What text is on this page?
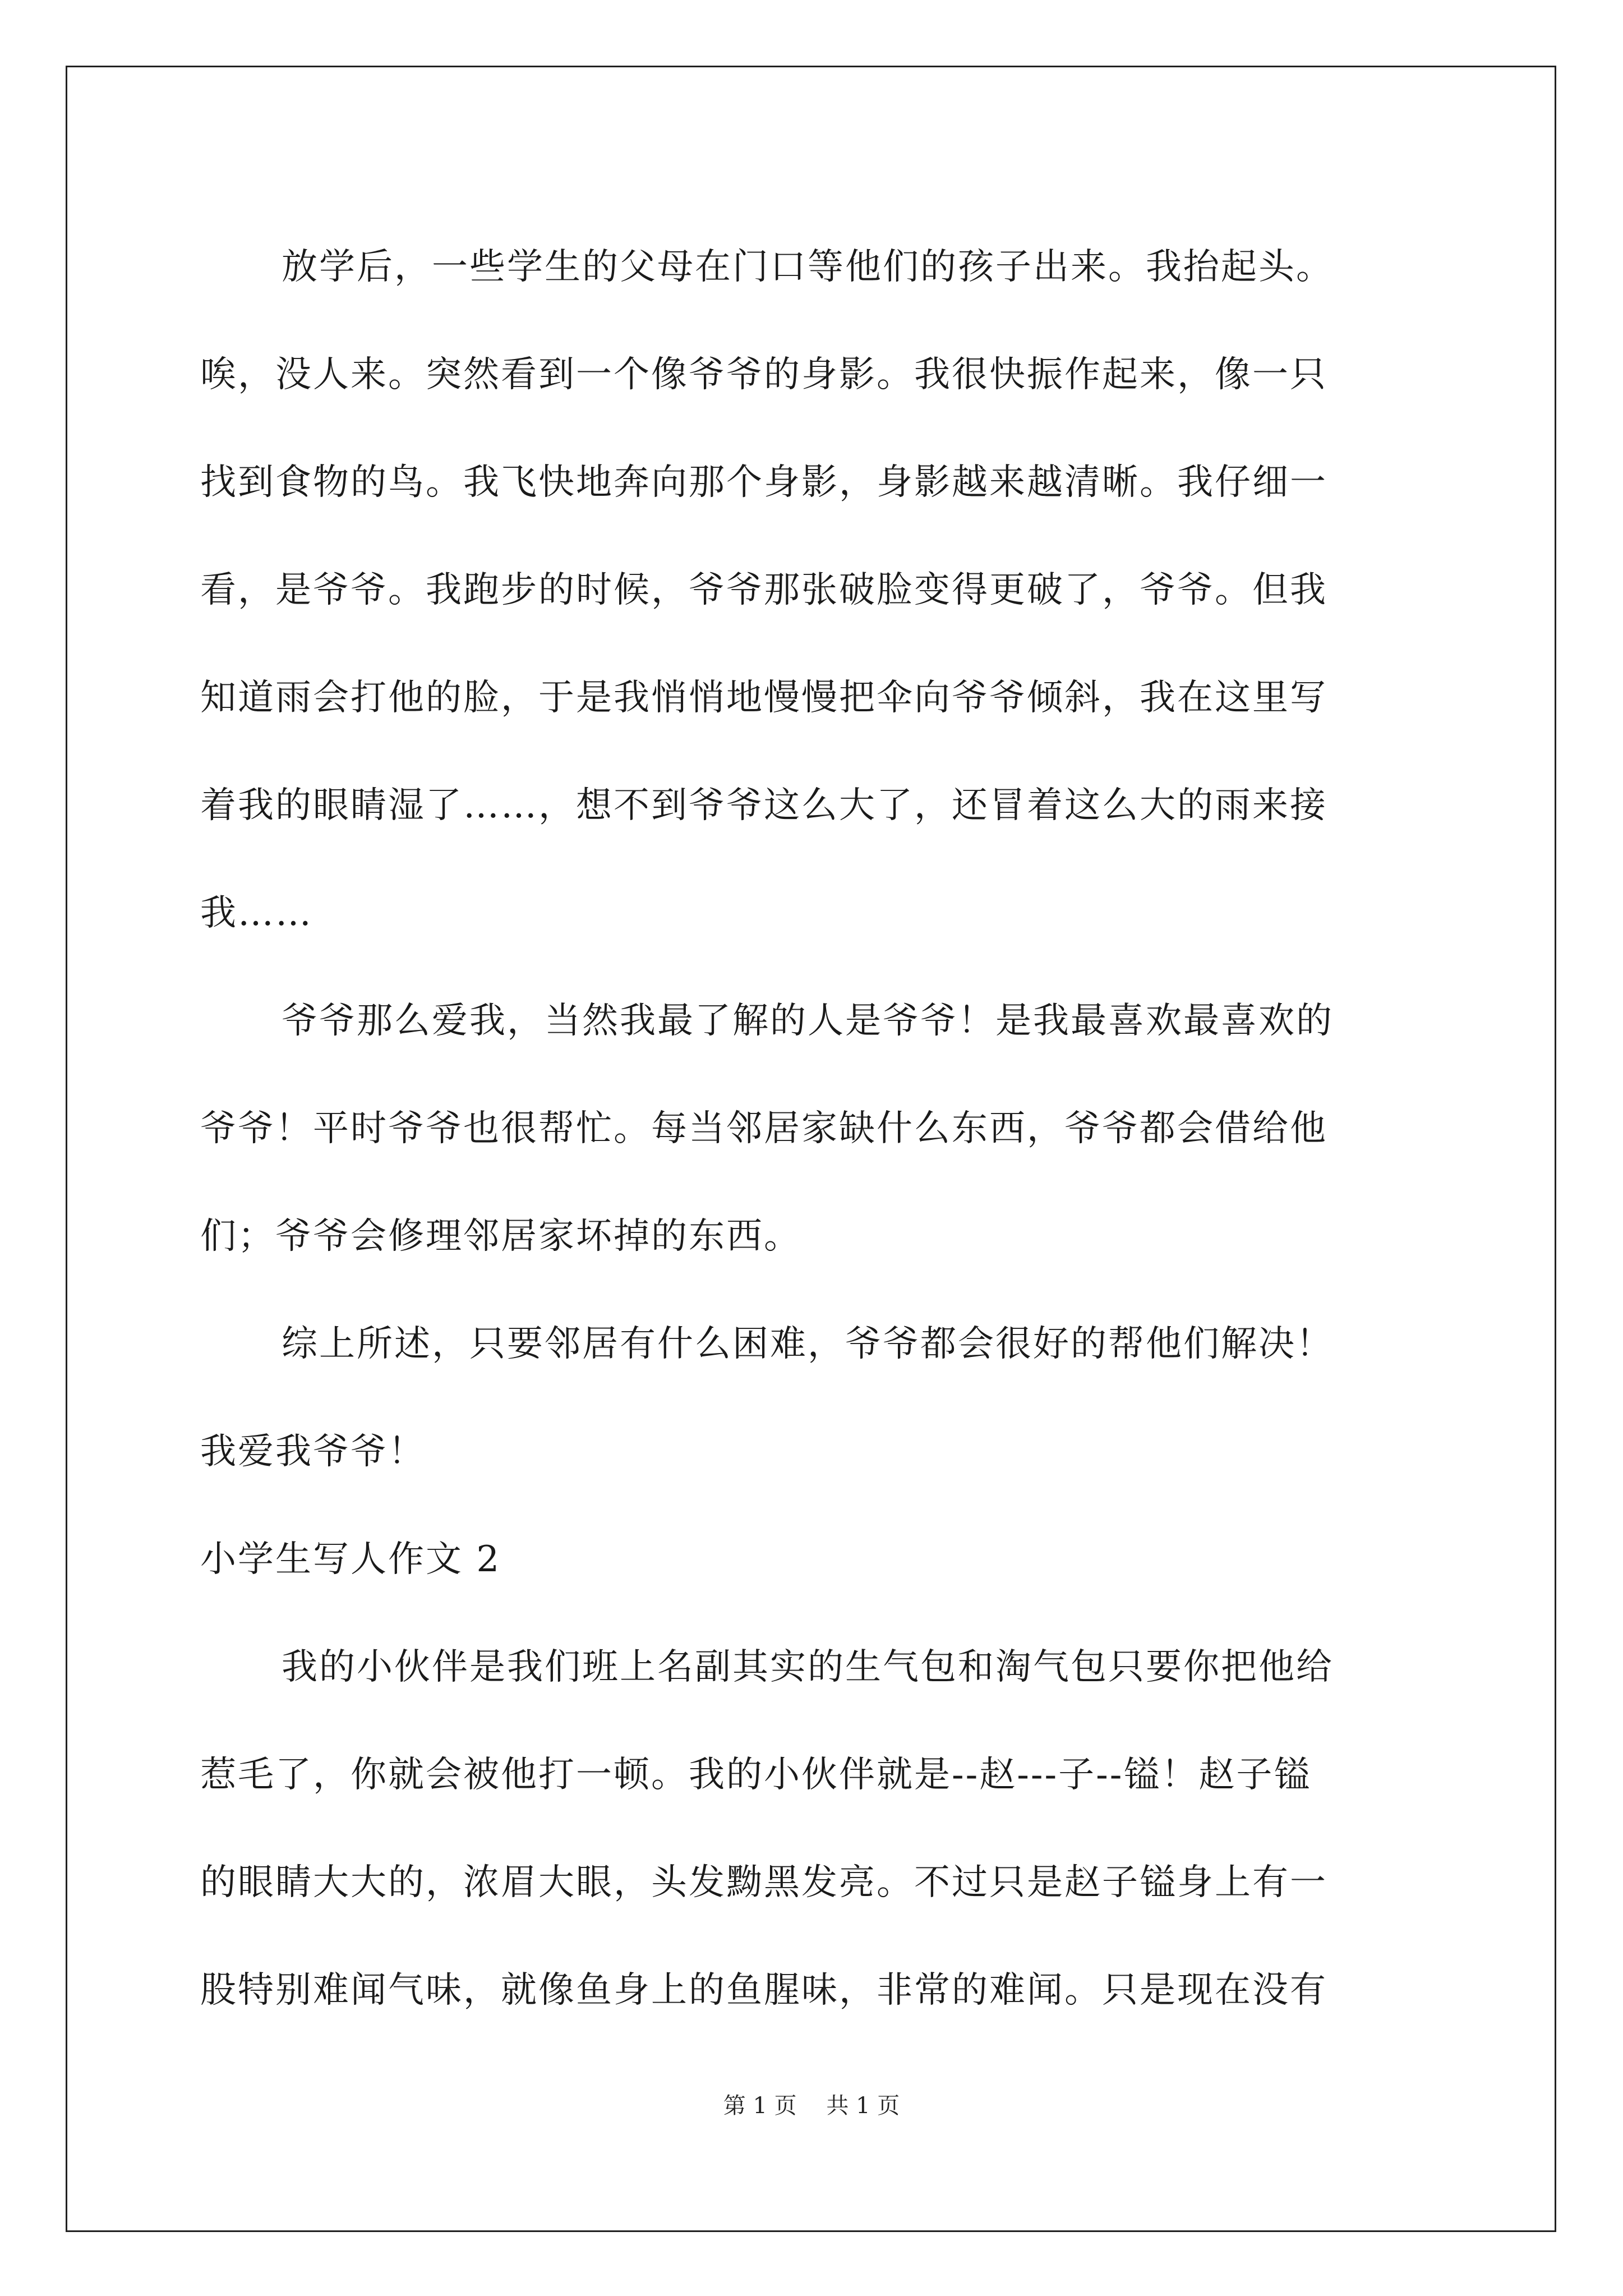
放学后，一些学生的父母在门口等他们的孩子出来。我抬起头。
唉，没人来。突然看到一个像爷爷的身影。我很快振作起来，像一只
找到食物的鸟。我飞快地奔向那个身影，身影越来越清晰。我仔细一
看，是爷爷。我跑步的时候，爷爷那张破脸变得更破了，爷爷。但我
知道雨会打他的脸，于是我悄悄地慢慢把伞向爷爷倾斜，我在这里写
着我的眼睛湿了……，想不到爷爷这么大了，还冒着这么大的雨来接
我……
爷爷那么爱我，当然我最了解的人是爷爷！是我最喜欢最喜欢的
爷爷！平时爷爷也很帮忙。每当邻居家缺什么东西，爷爷都会借给他
们；爷爷会修理邻居家坏掉的东西。
综上所述，只要邻居有什么困难，爷爷都会很好的帮他们解决！
我爱我爷爷！
小学生写人作文 2
我的小伙伴是我们班上名副其实的生气包和淘气包只要你把他给
惹毛了，你就会被他打一顿。我的小伙伴就是--赵---子--镒！赵子镒
的眼睛大大的，浓眉大眼，头发黝黑发亮。不过只是赵子镒身上有一
股特别难闻气味，就像鱼身上的鱼腥味，非常的难闻。只是现在没有
第 1 页 共 1 页
